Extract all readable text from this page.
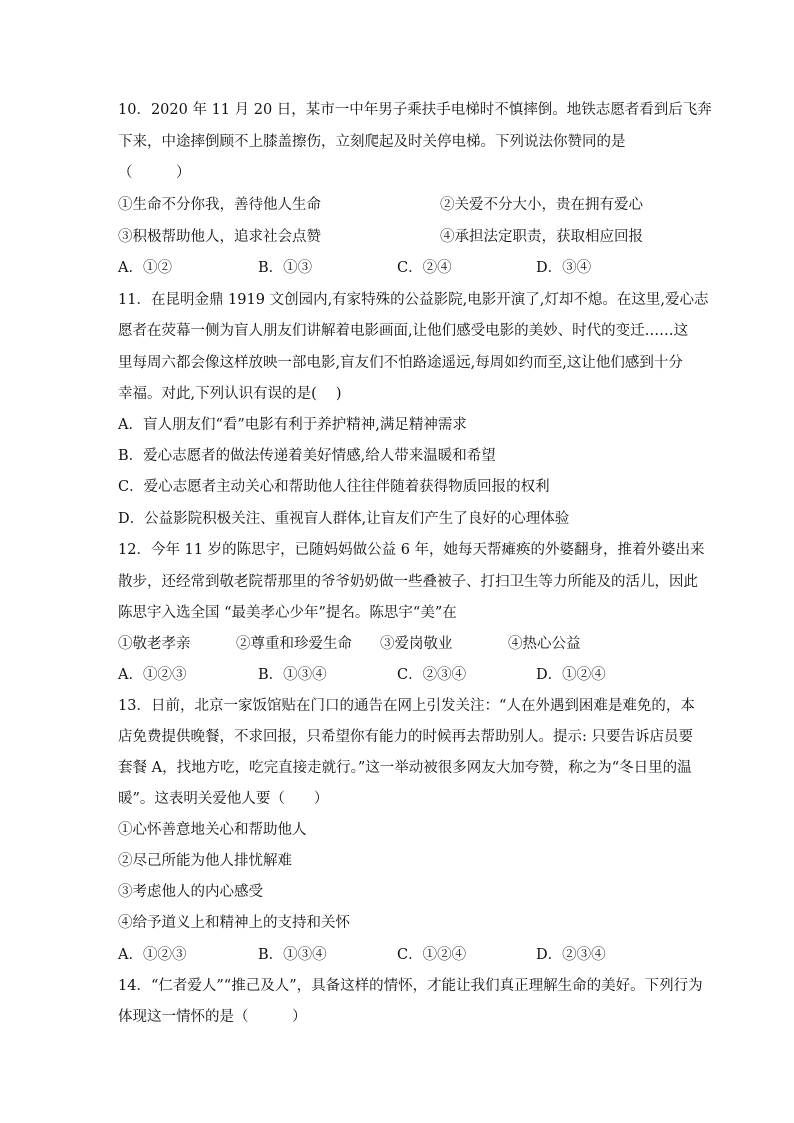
10．2020 年 11 月 20 日，某市一中年男子乘扶手电梯时不慎摔倒。地铁志愿者看到后飞奔
下来，中途摔倒顾不上膝盖擦伤，立刻爬起及时关停电梯。下列说法你赞同的是
（　　　）
①生命不分你我，善待他人生命	②关爱不分大小，贵在拥有爱心
③积极帮助他人，追求社会点赞	④承担法定职责，获取相应回报
A．①②	B．①③	C．②④	D．③④
11．在昆明金鼎 1919 文创园内,有家特殊的公益影院,电影开演了,灯却不熄。在这里,爱心志
愿者在荧幕一侧为盲人朋友们讲解着电影画面,让他们感受电影的美妙、时代的变迁……这
里每周六都会像这样放映一部电影,盲友们不怕路途遥远,每周如约而至,这让他们感到十分
幸福。对此,下列认识有误的是(　 )
A．盲人朋友们“看”电影有利于养护精神,满足精神需求
B．爱心志愿者的做法传递着美好情感,给人带来温暖和希望
C．爱心志愿者主动关心和帮助他人往往伴随着获得物质回报的权利
D．公益影院积极关注、重视盲人群体,让盲友们产生了良好的心理体验
12．今年 11 岁的陈思宇，已随妈妈做公益 6 年，她每天帮瘫痪的外婆翻身，推着外婆出来
散步，还经常到敬老院帮那里的爷爷奶奶做一些叠被子、打扫卫生等力所能及的活儿，因此
陈思宇入选全国 “最美孝心少年”提名。陈思宇“美”在
①敬老孝亲	②尊重和珍爱生命 ③爱岗敬业	④热心公益
A．①②③	B．①③④	C．②③④	D．①②④
13．日前，北京一家饭馆贴在门口的通告在网上引发关注：“人在外遇到困难是难免的，本
店免费提供晚餐，不求回报，只希望你有能力的时候再去帮助别人。提示: 只要告诉店员要
套餐 A，找地方吃，吃完直接走就行。”这一举动被很多网友大加夸赞，称之为“冬日里的温
暖”。这表明关爱他人要（　　）
①心怀善意地关心和帮助他人
②尽己所能为他人排忧解难
③考虑他人的内心感受
④给予道义上和精神上的支持和关怀
A．①②③	B．①③④	C．①②④	D．②③④
14．“仁者爱人”“推己及人”，具备这样的情怀，才能让我们真正理解生命的美好。下列行为
体现这一情怀的是（　　　）
